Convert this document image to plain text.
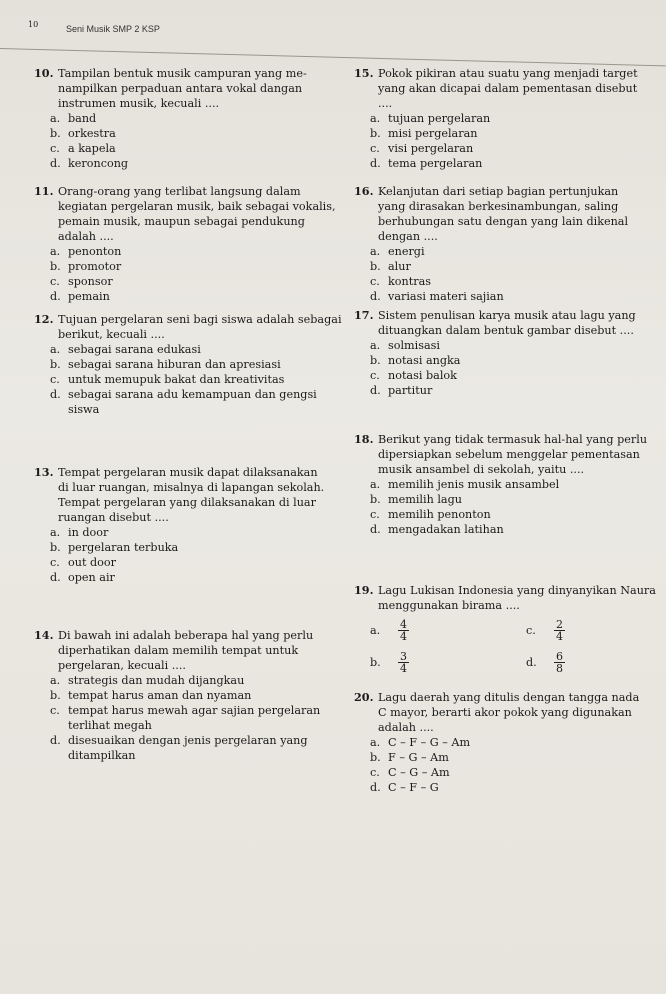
10	Seni Musik SMP 2 KSP
10. Tampilan bentuk musik campuran yang me-
nampilkan perpaduan antara vokal dangan
instrumen musik, kecuali ....
a. band
b. orkestra
c. a kapela
d. keroncong
11. Orang-orang yang terlibat langsung dalam
kegiatan pergelaran musik, baik sebagai vokalis,
pemain musik, maupun sebagai pendukung
adalah ....
a. penonton
b. promotor
c. sponsor
d. pemain
12. Tujuan pergelaran seni bagi siswa adalah sebagai
berikut, kecuali ....
a. sebagai sarana edukasi
b. sebagai sarana hiburan dan apresiasi
c. untuk memupuk bakat dan kreativitas
d. sebagai sarana adu kemampuan dan gengsi
siswa
13. Tempat pergelaran musik dapat dilaksanakan
di luar ruangan, misalnya di lapangan sekolah.
Tempat pergelaran yang dilaksanakan di luar
ruangan disebut ....
a. in door
b. pergelaran terbuka
c. out door
d. open air
14. Di bawah ini adalah beberapa hal yang perlu
diperhatikan dalam memilih tempat untuk
pergelaran, kecuali ....
a. strategis dan mudah dijangkau
b. tempat harus aman dan nyaman
c. tempat harus mewah agar sajian pergelaran
terlihat megah
d. disesuaikan dengan jenis pergelaran yang
ditampilkan
15. Pokok pikiran atau suatu yang menjadi target
yang akan dicapai dalam pementasan disebut
....
a. tujuan pergelaran
b. misi pergelaran
c. visi pergelaran
d. tema pergelaran
16. Kelanjutan dari setiap bagian pertunjukan
yang dirasakan berkesinambungan, saling
berhubungan satu dengan yang lain dikenal
dengan ....
a. energi
b. alur
c. kontras
d. variasi materi sajian
17. Sistem penulisan karya musik atau lagu yang
dituangkan dalam bentuk gambar disebut ....
a. solmisasi
b. notasi angka
c. notasi balok
d. partitur
18. Berikut yang tidak termasuk hal-hal yang perlu
dipersiapkan sebelum menggelar pementasan
musik ansambel di sekolah, yaitu ....
a. memilih jenis musik ansambel
b. memilih lagu
c. memilih penonton
d. mengadakan latihan
19. Lagu Lukisan Indonesia yang dinyanyikan Naura
menggunakan birama ....
a. $\frac{4}{4}$	c. $\frac{2}{4}$
b. $\frac{3}{4}$	d. $\frac{6}{8}$
20. Lagu daerah yang ditulis dengan tangga nada
C mayor, berarti akor pokok yang digunakan
adalah ....
a. C – F – G – Am
b. F – G – Am
c. C – G – Am
d. C – F – G
